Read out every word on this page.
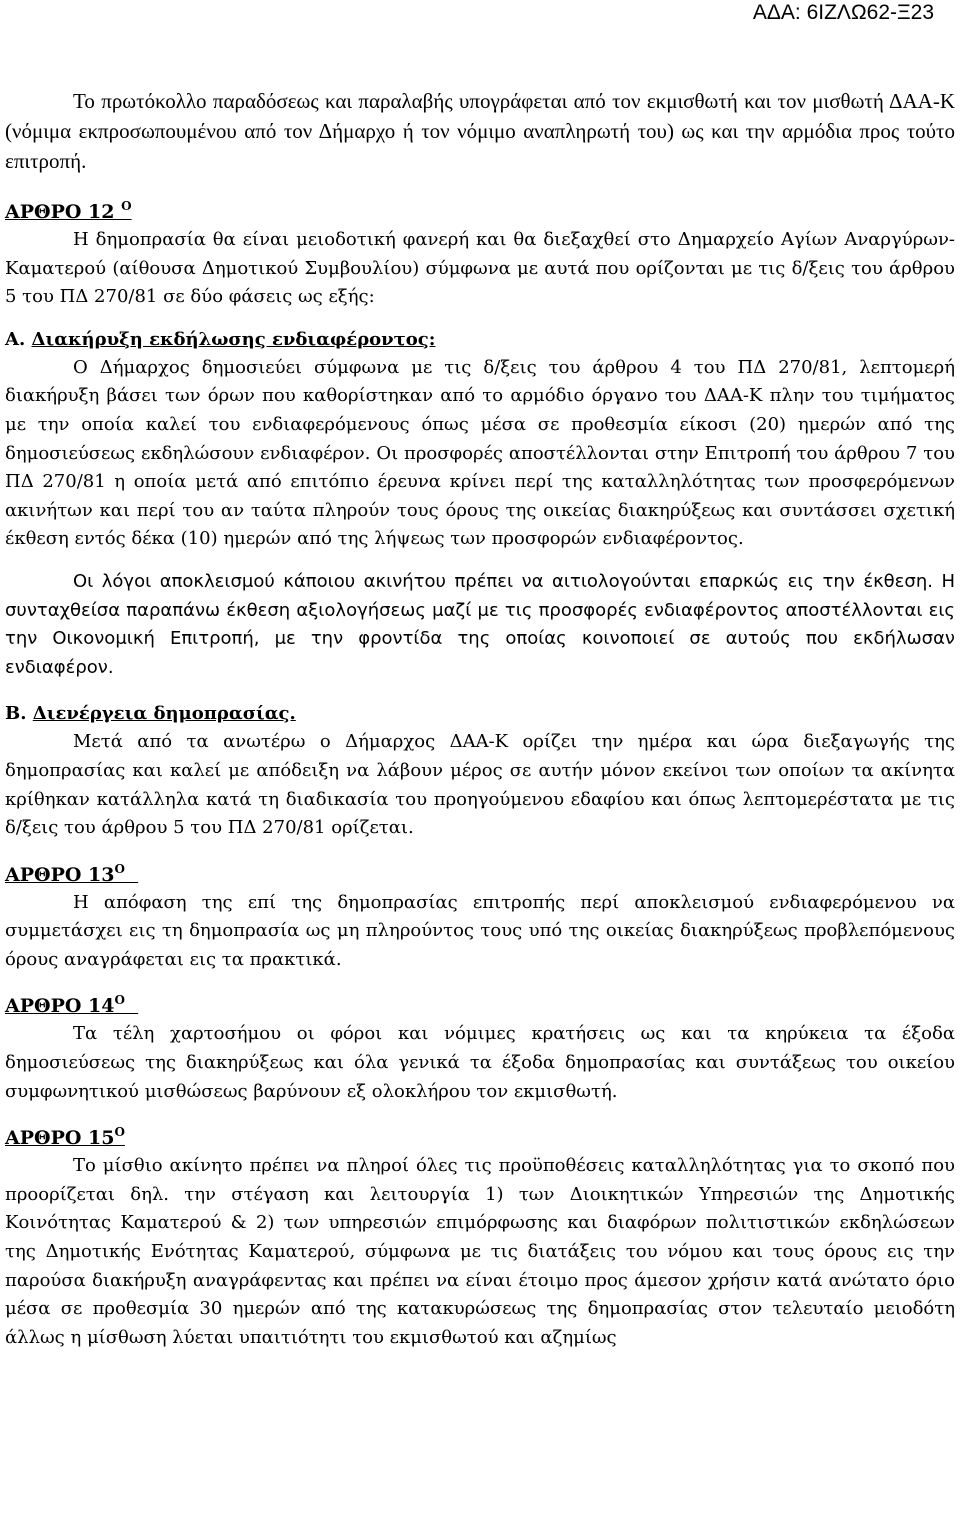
ΑΔΑ: 6ΙΖΛΩ62-Ξ23

Το πρωτόκολλο παραδόσεως και παραλαβής υπογράφεται από τον εκμισθωτή και τον μισθωτή ΔΑΑ-Κ (νόμιμα εκπροσωπουμένου από τον Δήμαρχο ή τον νόμιμο αναπληρωτή του) ως και την αρμόδια προς τούτο επιτροπή.

ΑΡΘΡΟ 12 $^O$

Η δημοπρασία θα είναι μειοδοτική φανερή και θα διεξαχθεί στο Δημαρχείο Αγίων Αναργύρων-Καματερού (αίθουσα Δημοτικού Συμβουλίου) σύμφωνα με αυτά που ορίζονται με τις δ/ξεις του άρθρου 5 του ΠΔ 270/81 σε δύο φάσεις ως εξής:

Α. Διακήρυξη εκδήλωσης ενδιαφέροντος:

Ο Δήμαρχος δημοσιεύει σύμφωνα με τις δ/ξεις του άρθρου 4 του ΠΔ 270/81, λεπτομερή διακήρυξη βάσει των όρων που καθορίστηκαν από το αρμόδιο όργανο του ΔΑΑ-Κ πλην του τιμήματος με την οποία καλεί του ενδιαφερόμενους όπως μέσα σε προθεσμία είκοσι (20) ημερών από της δημοσιεύσεως εκδηλώσουν ενδιαφέρον. Οι προσφορές αποστέλλονται στην Επιτροπή του άρθρου 7 του ΠΔ 270/81 η οποία μετά από επιτόπιο έρευνα κρίνει περί της καταλληλότητας των προσφερόμενων ακινήτων και περί του αν ταύτα πληρούν τους όρους της οικείας διακηρύξεως και συντάσσει σχετική έκθεση εντός δέκα (10) ημερών από της λήψεως των προσφορών ενδιαφέροντος.

Οι λόγοι αποκλεισμού κάποιου ακινήτου πρέπει να αιτιολογούνται επαρκώς εις την έκθεση. Η συνταχθείσα παραπάνω έκθεση αξιολογήσεως μαζί με τις προσφορές ενδιαφέροντος αποστέλλονται εις την Οικονομική Επιτροπή, με την φροντίδα της οποίας κοινοποιεί σε αυτούς που εκδήλωσαν ενδιαφέρον.

Β. Διενέργεια δημοπρασίας.

Μετά από τα ανωτέρω ο Δήμαρχος ΔΑΑ-Κ ορίζει την ημέρα και ώρα διεξαγωγής της δημοπρασίας και καλεί με απόδειξη να λάβουν μέρος σε αυτήν μόνον εκείνοι των οποίων τα ακίνητα κρίθηκαν κατάλληλα κατά τη διαδικασία του προηγούμενου εδαφίου και όπως λεπτομερέστατα με τις δ/ξεις του άρθρου 5 του ΠΔ 270/81 ορίζεται.

ΑΡΘΡΟ $13^O$

Η απόφαση της επί της δημοπρασίας επιτροπής περί αποκλεισμού ενδιαφερόμενου να συμμετάσχει εις τη δημοπρασία ως μη πληρούντος τους υπό της οικείας διακηρύξεως προβλεπόμενους όρους αναγράφεται εις τα πρακτικά.

ΑΡΘΡΟ $14^O$

Τα τέλη χαρτοσήμου οι φόροι και νόμιμες κρατήσεις ως και τα κηρύκεια τα έξοδα δημοσιεύσεως της διακηρύξεως και όλα γενικά τα έξοδα δημοπρασίας και συντάξεως του οικείου συμφωνητικού μισθώσεως βαρύνουν εξ ολοκλήρου τον εκμισθωτή.

ΑΡΘΡΟ $15^O$

Το μίσθιο ακίνητο πρέπει να πληροί όλες τις προϋποθέσεις καταλληλότητας για το σκοπό που προορίζεται δηλ. την στέγαση και λειτουργία 1) των Διοικητικών Υπηρεσιών της Δημοτικής Κοινότητας Καματερού & 2) των υπηρεσιών επιμόρφωσης και διαφόρων πολιτιστικών εκδηλώσεων της Δημοτικής Ενότητας Καματερού, σύμφωνα με τις διατάξεις του νόμου και τους όρους εις την παρούσα διακήρυξη αναγράφεντας και πρέπει να είναι έτοιμο προς άμεσον χρήσιν κατά ανώτατο όριο μέσα σε προθεσμία 30 ημερών από της κατακυρώσεως της δημοπρασίας στον τελευταίο μειοδότη άλλως η μίσθωση λύεται υπαιτιότητι του εκμισθωτού και αζημίως
